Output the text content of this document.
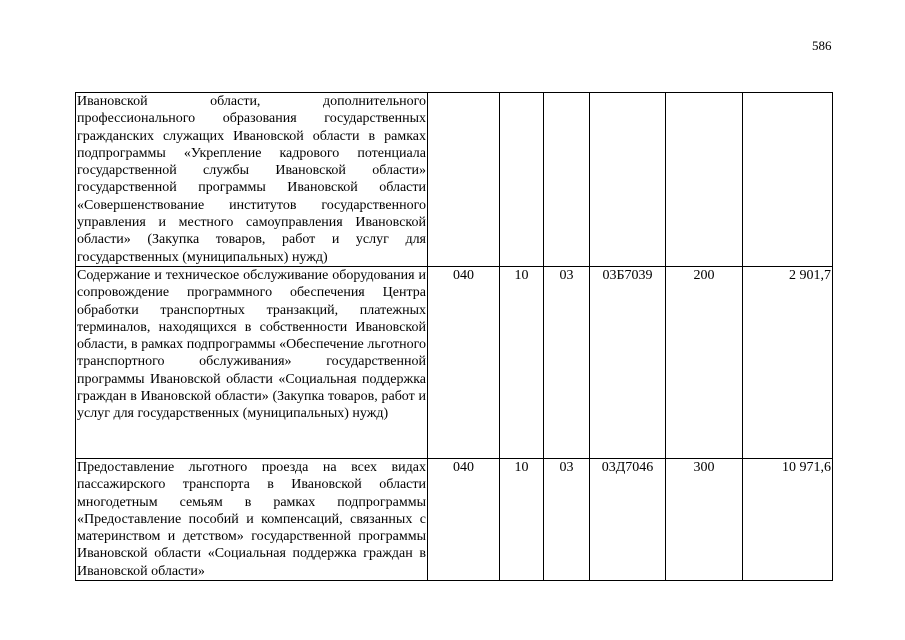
586
Ивановской области, дополнительного профессионального образования государственных гражданских служащих Ивановской области в рамках подпрограммы «Укрепление кадрового потенциала государственной службы Ивановской области» государственной программы Ивановской области «Совершенствование институтов государственного управления и местного самоуправления Ивановской области» (Закупка товаров, работ и услуг для государственных (муниципальных) нужд)						
Содержание и техническое обслуживание оборудования и сопровождение программного обеспечения Центра обработки транспортных транзакций, платежных терминалов, находящихся в собственности Ивановской области, в рамках подпрограммы «Обеспечение льготного транспортного обслуживания» государственной программы Ивановской области «Социальная поддержка граждан в Ивановской области» (Закупка товаров, работ и услуг для государственных (муниципальных) нужд)	040	10	03	03Б7039	200	2 901,7
Предоставление льготного проезда на всех видах пассажирского транспорта в Ивановской области многодетным семьям в рамках подпрограммы «Предоставление пособий и компенсаций, связанных с материнством и детством» государственной программы Ивановской области «Социальная поддержка граждан в Ивановской области»	040	10	03	03Д7046	300	10 971,6
